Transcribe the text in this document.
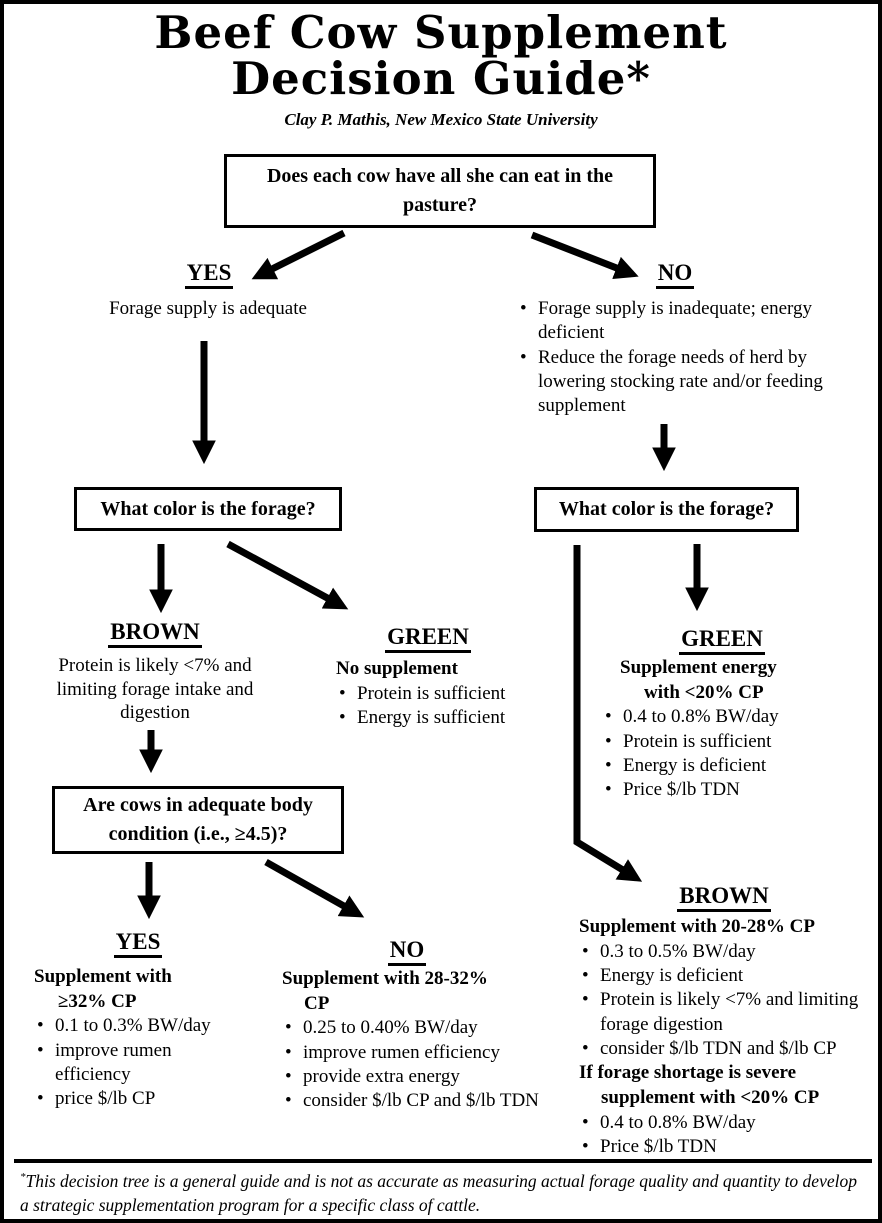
Beef Cow Supplement
Decision Guide*
Clay P. Mathis, New Mexico State University
Does each cow have all she can eat in the pasture?
YES
Forage supply is adequate
NO
• Forage supply is inadequate; energy deficient
• Reduce the forage needs of herd by lowering stocking rate and/or feeding supplement
What color is the forage?	What color is the forage?
BROWN
Protein is likely <7% and limiting forage intake and digestion
GREEN
No supplement
• Protein is sufficient
• Energy is sufficient
Are cows in adequate body condition (i.e., ≥4.5)?
YES
Supplement with
≥32% CP
• 0.1 to 0.3% BW/day
• improve rumen efficiency
• price $/lb CP
NO
Supplement with 28-32%
CP
• 0.25 to 0.40% BW/day
• improve rumen efficiency
• provide extra energy
• consider $/lb CP and $/lb TDN
GREEN
Supplement energy
with <20% CP
• 0.4 to 0.8% BW/day
• Protein is sufficient
• Energy is deficient
• Price $/lb TDN
BROWN
Supplement with 20-28% CP
• 0.3 to 0.5% BW/day
• Energy is deficient
• Protein is likely <7% and limiting forage digestion
• consider $/lb TDN and $/lb CP
If forage shortage is severe
supplement with <20% CP
• 0.4 to 0.8% BW/day
• Price $/lb TDN
*This decision tree is a general guide and is not as accurate as measuring actual forage quality and quantity to develop a strategic supplementation program for a specific class of cattle.
